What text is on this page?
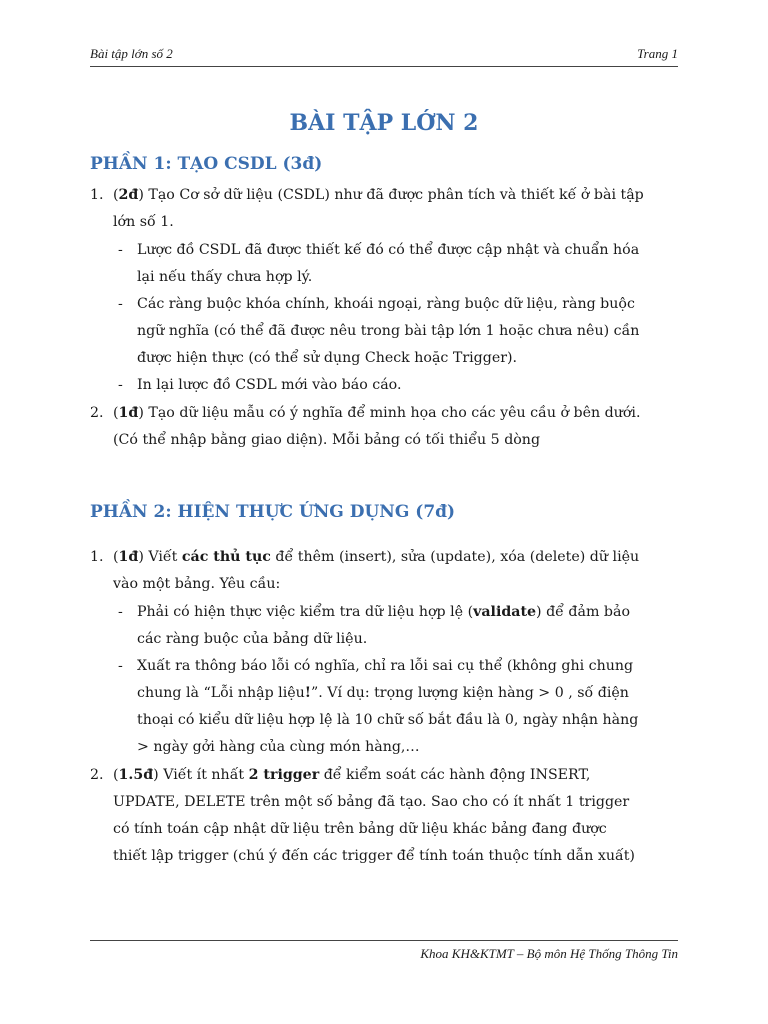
Bài tập lớn số 2	Trang 1
BÀI TẬP LỚN 2
PHẦN 1: TẠO CSDL (3đ)
1. (2đ) Tạo Cơ sở dữ liệu (CSDL) như đã được phân tích và thiết kế ở bài tập
lớn số 1.
- Lược đồ CSDL đã được thiết kế đó có thể được cập nhật và chuẩn hóa
lại nếu thấy chưa hợp lý.
- Các ràng buộc khóa chính, khoái ngoại, ràng buộc dữ liệu, ràng buộc
ngữ nghĩa (có thể đã được nêu trong bài tập lớn 1 hoặc chưa nêu) cần
được hiện thực (có thể sử dụng Check hoặc Trigger).
- In lại lược đồ CSDL mới vào báo cáo.
2. (1đ) Tạo dữ liệu mẫu có ý nghĩa để minh họa cho các yêu cầu ở bên dưới.
(Có thể nhập bằng giao diện). Mỗi bảng có tối thiểu 5 dòng
PHẦN 2: HIỆN THỰC ỨNG DỤNG (7đ)
1. (1đ) Viết các thủ tục để thêm (insert), sửa (update), xóa (delete) dữ liệu
vào một bảng. Yêu cầu:
- Phải có hiện thực việc kiểm tra dữ liệu hợp lệ (validate) để đảm bảo
các ràng buộc của bảng dữ liệu.
- Xuất ra thông báo lỗi có nghĩa, chỉ ra lỗi sai cụ thể (không ghi chung
chung là “Lỗi nhập liệu!”. Ví dụ: trọng lượng kiện hàng > 0 , số điện
thoại có kiểu dữ liệu hợp lệ là 10 chữ số bắt đầu là 0, ngày nhận hàng
> ngày gởi hàng của cùng món hàng,…
2. (1.5đ) Viết ít nhất 2 trigger để kiểm soát các hành động INSERT,
UPDATE, DELETE trên một số bảng đã tạo. Sao cho có ít nhất 1 trigger
có tính toán cập nhật dữ liệu trên bảng dữ liệu khác bảng đang được
thiết lập trigger (chú ý đến các trigger để tính toán thuộc tính dẫn xuất)
Khoa KH&KTMT – Bộ môn Hệ Thống Thông Tin
